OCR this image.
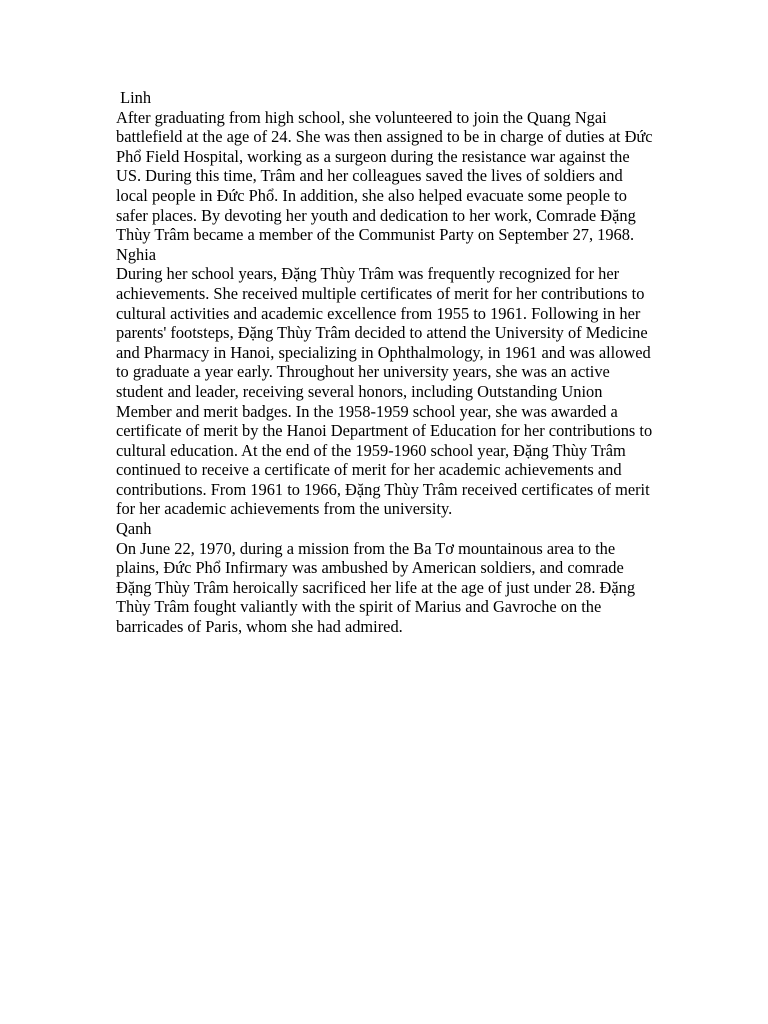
Linh

After graduating from high school, she volunteered to join the Quang Ngai battlefield at the age of 24. She was then assigned to be in charge of duties at Đức Phổ Field Hospital, working as a surgeon during the resistance war against the US. During this time, Trâm and her colleagues saved the lives of soldiers and local people in Đức Phổ. In addition, she also helped evacuate some people to safer places. By devoting her youth and dedication to her work, Comrade Đặng Thùy Trâm became a member of the Communist Party on September 27, 1968.

Nghia

During her school years, Đặng Thùy Trâm was frequently recognized for her achievements. She received multiple certificates of merit for her contributions to cultural activities and academic excellence from 1955 to 1961. Following in her parents' footsteps, Đặng Thùy Trâm decided to attend the University of Medicine and Pharmacy in Hanoi, specializing in Ophthalmology, in 1961 and was allowed to graduate a year early. Throughout her university years, she was an active student and leader, receiving several honors, including Outstanding Union Member and merit badges. In the 1958-1959 school year, she was awarded a certificate of merit by the Hanoi Department of Education for her contributions to cultural education. At the end of the 1959-1960 school year, Đặng Thùy Trâm continued to receive a certificate of merit for her academic achievements and contributions. From 1961 to 1966, Đặng Thùy Trâm received certificates of merit for her academic achievements from the university.

Qanh

On June 22, 1970, during a mission from the Ba Tơ mountainous area to the plains, Đức Phổ Infirmary was ambushed by American soldiers, and comrade Đặng Thùy Trâm heroically sacrificed her life at the age of just under 28. Đặng Thùy Trâm fought valiantly with the spirit of Marius and Gavroche on the barricades of Paris, whom she had admired.
